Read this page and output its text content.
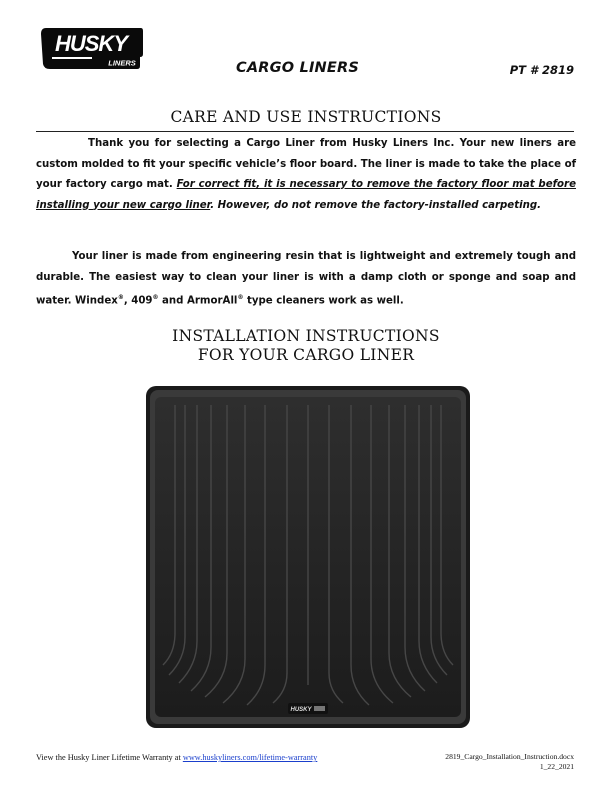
HUSKY
LINERS	CARGO LINERS	PT # 2819
CARE AND USE INSTRUCTIONS
Thank you for selecting a Cargo Liner from Husky Liners Inc. Your new liners are custom molded to fit your specific vehicle’s floor board. The liner is made to take the place of your factory cargo mat. For correct fit, it is necessary to remove the factory floor mat before installing your new cargo liner. However, do not remove the factory-installed carpeting.
Your liner is made from engineering resin that is lightweight and extremely tough and durable. The easiest way to clean your liner is with a damp cloth or sponge and soap and water. Windex®, 409® and ArmorAll® type cleaners work as well.
INSTALLATION INSTRUCTIONS
FOR YOUR CARGO LINER
HUSKY
View the Husky Liner Lifetime Warranty at www.huskyliners.com/lifetime-warranty	2819_Cargo_Installation_Instruction.docx
1_22_2021
